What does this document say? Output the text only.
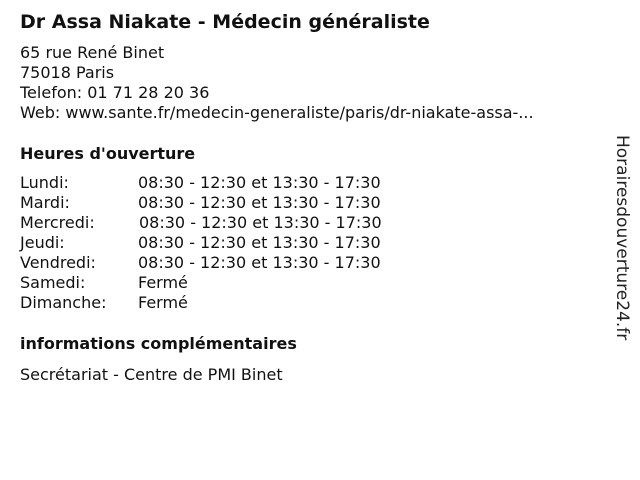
Dr Assa Niakate - Médecin généraliste
65 rue René Binet
75018 Paris
Telefon: 01 71 28 20 36
Web: www.sante.fr/medecin-generaliste/paris/dr-niakate-assa-...
Heures d'ouverture
Lundi:	08:30 - 12:30 et 13:30 - 17:30
Mardi:	08:30 - 12:30 et 13:30 - 17:30
Mercredi:	08:30 - 12:30 et 13:30 - 17:30
Jeudi:	08:30 - 12:30 et 13:30 - 17:30
Vendredi:	08:30 - 12:30 et 13:30 - 17:30
Samedi:	Fermé
Dimanche: Fermé
informations complémentaires
Secrétariat - Centre de PMI Binet
Horairesdouverture24.fr
